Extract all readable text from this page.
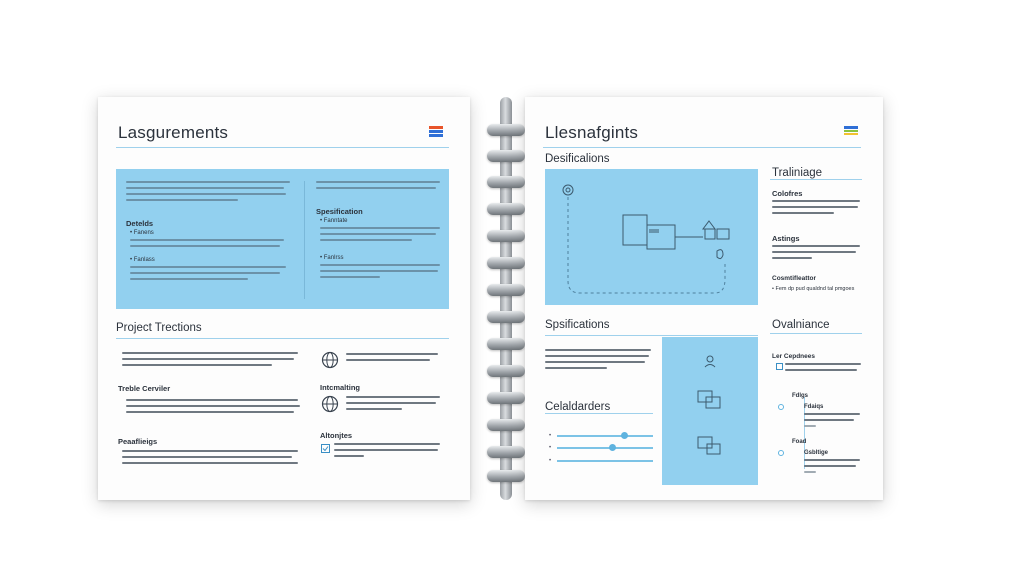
Lasgurements
Detelds
• Fanens
• Fanlass
Spesification
• Fanntate
• Fanlrss
Project Trections
Treble Cerviler
Peaaflieigs
Intcmalting
Altonjtes
Llesnafgints
Desificalions
Traliniage
Colofres
Astings
Cosmtifleattor
• Fem dp pud qualdnd tal pmgoes
Spsifications
Celaldarders
•
•
•
Ovalniance
Ler Cepdnees
Fdlgs
Fdaiqs
Foad
Gsbltige
